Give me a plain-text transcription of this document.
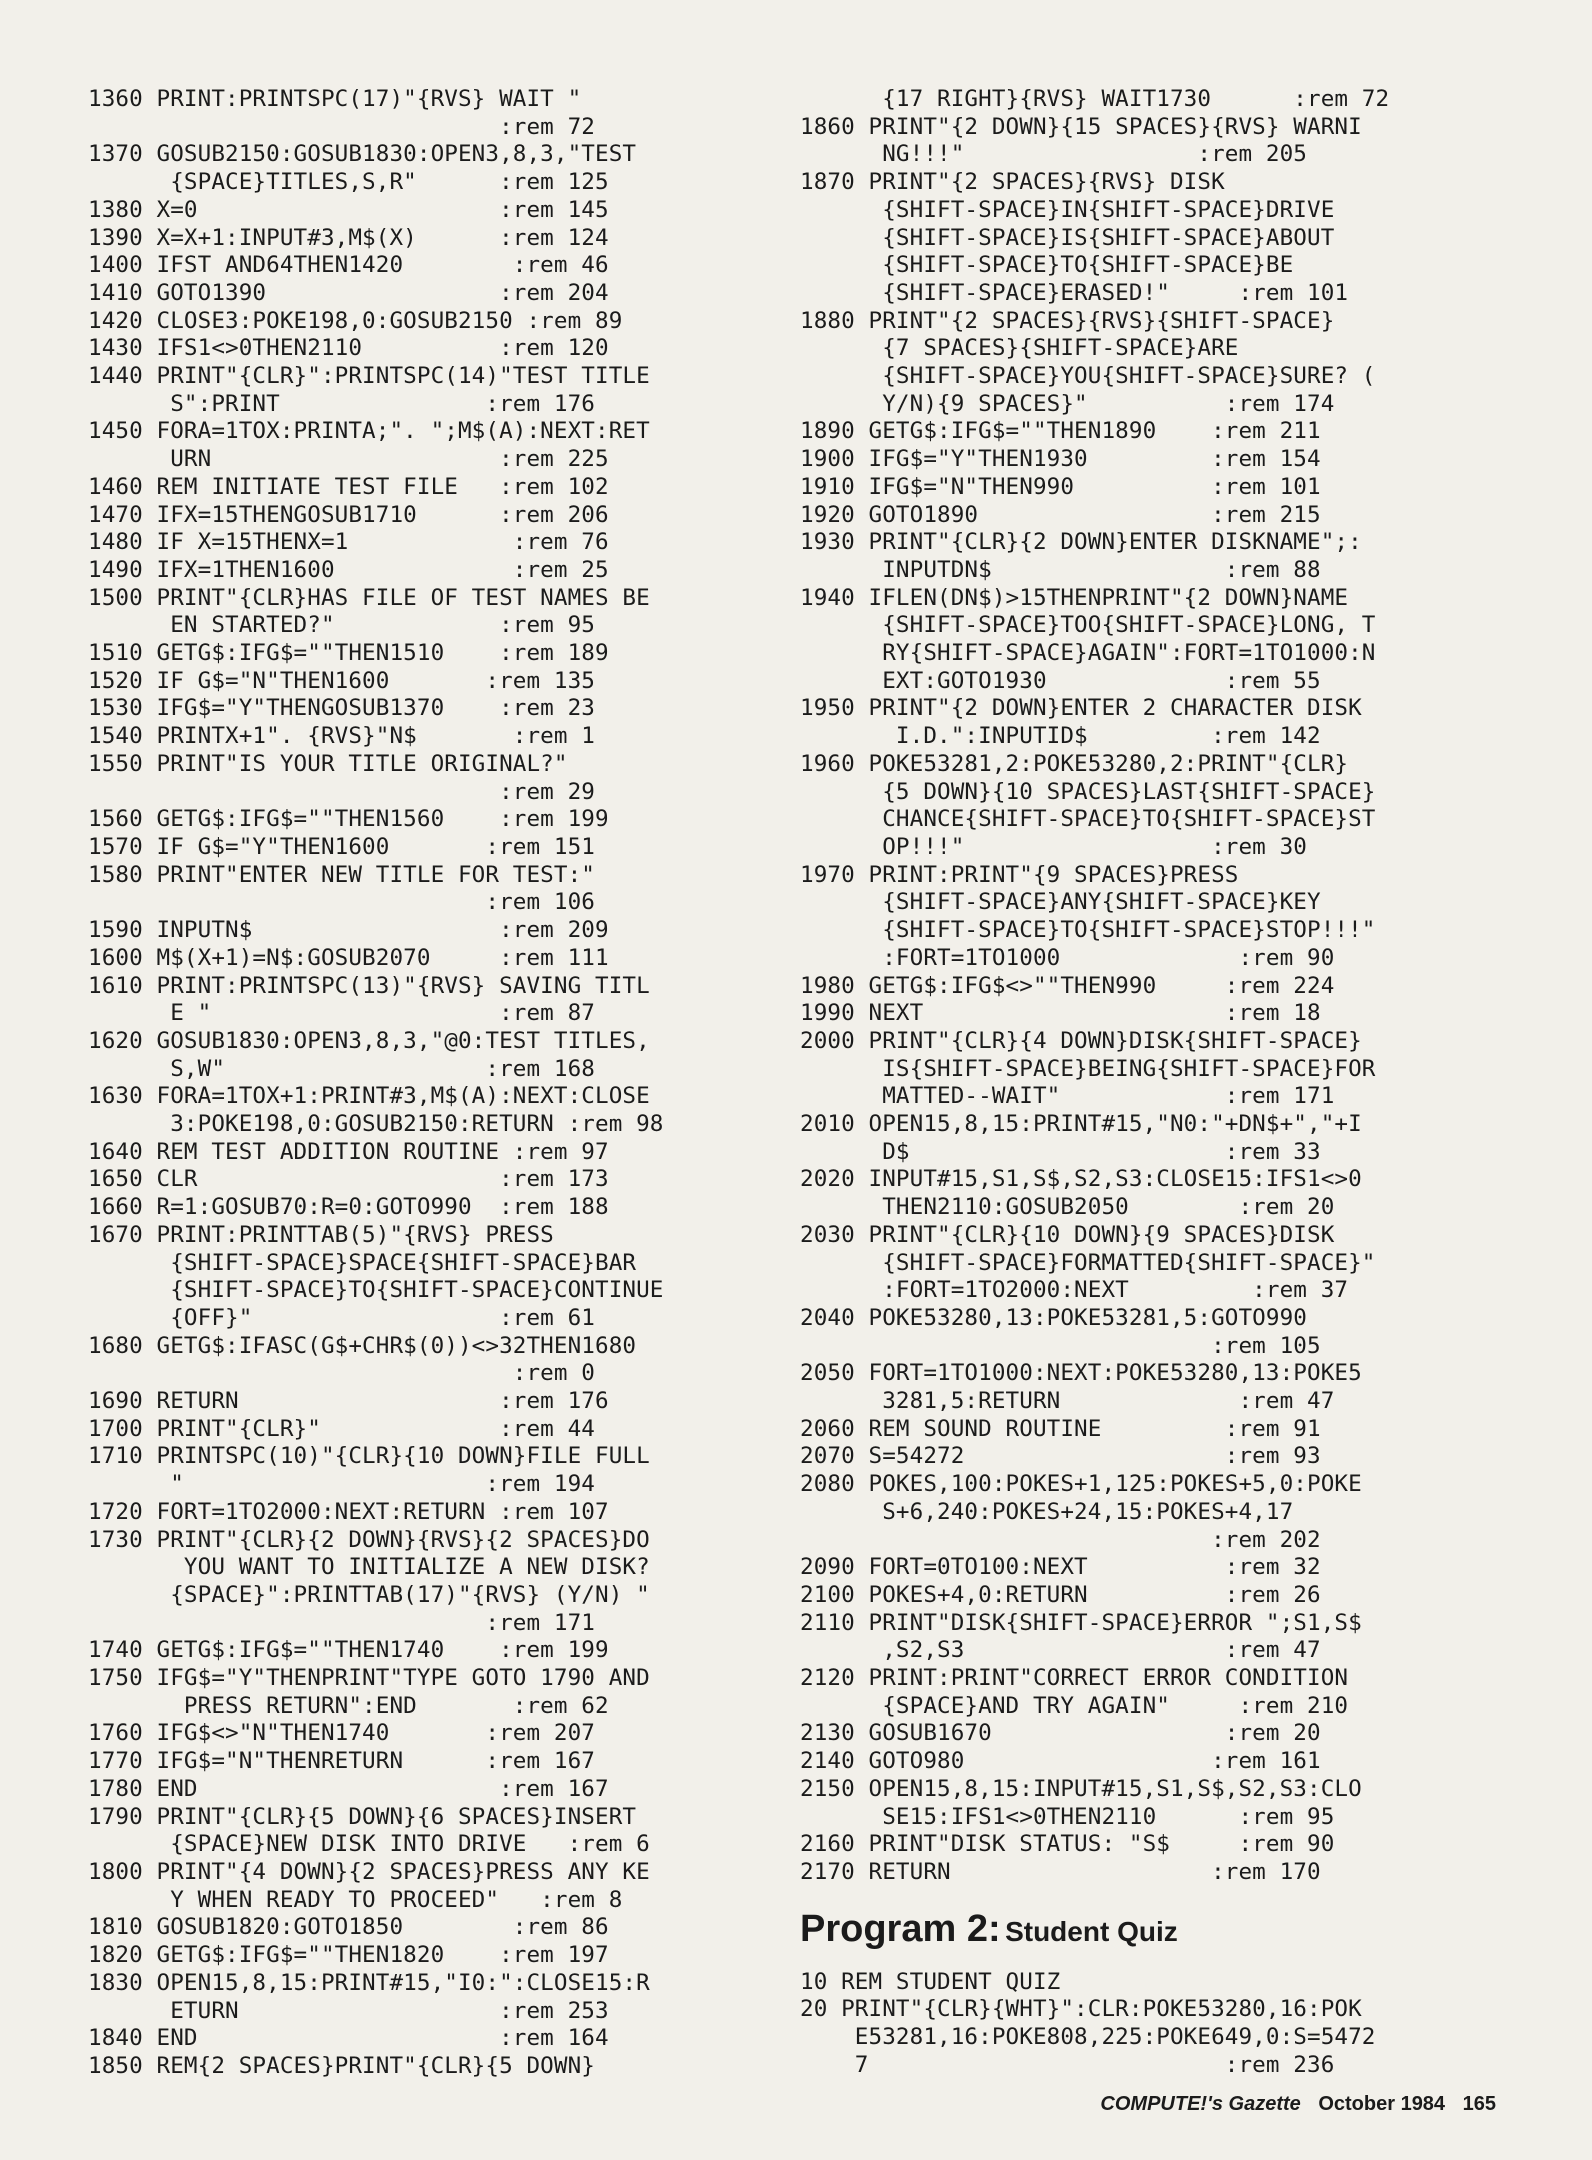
1360 PRINT:PRINTSPC(17)"{RVS} WAIT "
:rem 72
1370 GOSUB2150:GOSUB1830:OPEN3,8,3,"TEST
{SPACE}TITLES,S,R"      :rem 125
1380 X=0                      :rem 145
1390 X=X+1:INPUT#3,M$(X)      :rem 124
1400 IFST AND64THEN1420        :rem 46
1410 GOTO1390                 :rem 204
1420 CLOSE3:POKE198,0:GOSUB2150 :rem 89
1430 IFS1<>0THEN2110          :rem 120
1440 PRINT"{CLR}":PRINTSPC(14)"TEST TITLE
S":PRINT               :rem 176
1450 FORA=1TOX:PRINTA;". ";M$(A):NEXT:RET
URN                     :rem 225
1460 REM INITIATE TEST FILE   :rem 102
1470 IFX=15THENGOSUB1710      :rem 206
1480 IF X=15THENX=1            :rem 76
1490 IFX=1THEN1600             :rem 25
1500 PRINT"{CLR}HAS FILE OF TEST NAMES BE
EN STARTED?"            :rem 95
1510 GETG$:IFG$=""THEN1510    :rem 189
1520 IF G$="N"THEN1600       :rem 135
1530 IFG$="Y"THENGOSUB1370    :rem 23
1540 PRINTX+1". {RVS}"N$       :rem 1
1550 PRINT"IS YOUR TITLE ORIGINAL?"
:rem 29
1560 GETG$:IFG$=""THEN1560    :rem 199
1570 IF G$="Y"THEN1600       :rem 151
1580 PRINT"ENTER NEW TITLE FOR TEST:"
:rem 106
1590 INPUTN$                  :rem 209
1600 M$(X+1)=N$:GOSUB2070     :rem 111
1610 PRINT:PRINTSPC(13)"{RVS} SAVING TITL
E "                     :rem 87
1620 GOSUB1830:OPEN3,8,3,"@0:TEST TITLES,
S,W"                   :rem 168
1630 FORA=1TOX+1:PRINT#3,M$(A):NEXT:CLOSE
3:POKE198,0:GOSUB2150:RETURN :rem 98
1640 REM TEST ADDITION ROUTINE :rem 97
1650 CLR                      :rem 173
1660 R=1:GOSUB70:R=0:GOTO990  :rem 188
1670 PRINT:PRINTTAB(5)"{RVS} PRESS
{SHIFT-SPACE}SPACE{SHIFT-SPACE}BAR
{SHIFT-SPACE}TO{SHIFT-SPACE}CONTINUE
{OFF}"                  :rem 61
1680 GETG$:IFASC(G$+CHR$(0))<>32THEN1680
:rem 0
1690 RETURN                   :rem 176
1700 PRINT"{CLR}"             :rem 44
1710 PRINTSPC(10)"{CLR}{10 DOWN}FILE FULL
"                      :rem 194
1720 FORT=1TO2000:NEXT:RETURN :rem 107
1730 PRINT"{CLR}{2 DOWN}{RVS}{2 SPACES}DO
YOU WANT TO INITIALIZE A NEW DISK?
{SPACE}":PRINTTAB(17)"{RVS} (Y/N) "
:rem 171
1740 GETG$:IFG$=""THEN1740    :rem 199
1750 IFG$="Y"THENPRINT"TYPE GOTO 1790 AND
PRESS RETURN":END       :rem 62
1760 IFG$<>"N"THEN1740       :rem 207
1770 IFG$="N"THENRETURN      :rem 167
1780 END                      :rem 167
1790 PRINT"{CLR}{5 DOWN}{6 SPACES}INSERT
{SPACE}NEW DISK INTO DRIVE   :rem 6
1800 PRINT"{4 DOWN}{2 SPACES}PRESS ANY KE
Y WHEN READY TO PROCEED"   :rem 8
1810 GOSUB1820:GOTO1850        :rem 86
1820 GETG$:IFG$=""THEN1820    :rem 197
1830 OPEN15,8,15:PRINT#15,"I0:":CLOSE15:R
ETURN                   :rem 253
1840 END                      :rem 164
1850 REM{2 SPACES}PRINT"{CLR}{5 DOWN}
{17 RIGHT}{RVS} WAIT1730      :rem 72
1860 PRINT"{2 DOWN}{15 SPACES}{RVS} WARNI
NG!!!"                 :rem 205
1870 PRINT"{2 SPACES}{RVS} DISK
{SHIFT-SPACE}IN{SHIFT-SPACE}DRIVE
{SHIFT-SPACE}IS{SHIFT-SPACE}ABOUT
{SHIFT-SPACE}TO{SHIFT-SPACE}BE
{SHIFT-SPACE}ERASED!"     :rem 101
1880 PRINT"{2 SPACES}{RVS}{SHIFT-SPACE}
{7 SPACES}{SHIFT-SPACE}ARE
{SHIFT-SPACE}YOU{SHIFT-SPACE}SURE? (
Y/N){9 SPACES}"          :rem 174
1890 GETG$:IFG$=""THEN1890    :rem 211
1900 IFG$="Y"THEN1930         :rem 154
1910 IFG$="N"THEN990          :rem 101
1920 GOTO1890                 :rem 215
1930 PRINT"{CLR}{2 DOWN}ENTER DISKNAME";:
INPUTDN$                 :rem 88
1940 IFLEN(DN$)>15THENPRINT"{2 DOWN}NAME
{SHIFT-SPACE}TOO{SHIFT-SPACE}LONG, T
RY{SHIFT-SPACE}AGAIN":FORT=1TO1000:N
EXT:GOTO1930             :rem 55
1950 PRINT"{2 DOWN}ENTER 2 CHARACTER DISK
I.D.":INPUTID$         :rem 142
1960 POKE53281,2:POKE53280,2:PRINT"{CLR}
{5 DOWN}{10 SPACES}LAST{SHIFT-SPACE}
CHANCE{SHIFT-SPACE}TO{SHIFT-SPACE}ST
OP!!!"                  :rem 30
1970 PRINT:PRINT"{9 SPACES}PRESS
{SHIFT-SPACE}ANY{SHIFT-SPACE}KEY
{SHIFT-SPACE}TO{SHIFT-SPACE}STOP!!!"
:FORT=1TO1000             :rem 90
1980 GETG$:IFG$<>""THEN990     :rem 224
1990 NEXT                      :rem 18
2000 PRINT"{CLR}{4 DOWN}DISK{SHIFT-SPACE}
IS{SHIFT-SPACE}BEING{SHIFT-SPACE}FOR
MATTED--WAIT"            :rem 171
2010 OPEN15,8,15:PRINT#15,"N0:"+DN$+","+I
D$                       :rem 33
2020 INPUT#15,S1,S$,S2,S3:CLOSE15:IFS1<>0
THEN2110:GOSUB2050        :rem 20
2030 PRINT"{CLR}{10 DOWN}{9 SPACES}DISK
{SHIFT-SPACE}FORMATTED{SHIFT-SPACE}"
:FORT=1TO2000:NEXT         :rem 37
2040 POKE53280,13:POKE53281,5:GOTO990
:rem 105
2050 FORT=1TO1000:NEXT:POKE53280,13:POKE5
3281,5:RETURN             :rem 47
2060 REM SOUND ROUTINE         :rem 91
2070 S=54272                   :rem 93
2080 POKES,100:POKES+1,125:POKES+5,0:POKE
S+6,240:POKES+24,15:POKES+4,17
:rem 202
2090 FORT=0TO100:NEXT          :rem 32
2100 POKES+4,0:RETURN          :rem 26
2110 PRINT"DISK{SHIFT-SPACE}ERROR ";S1,S$
,S2,S3                   :rem 47
2120 PRINT:PRINT"CORRECT ERROR CONDITION
{SPACE}AND TRY AGAIN"     :rem 210
2130 GOSUB1670                 :rem 20
2140 GOTO980                  :rem 161
2150 OPEN15,8,15:INPUT#15,S1,S$,S2,S3:CLO
SE15:IFS1<>0THEN2110      :rem 95
2160 PRINT"DISK STATUS: "S$     :rem 90
2170 RETURN                   :rem 170
Program 2: Student Quiz
10 REM STUDENT QUIZ
20 PRINT"{CLR}{WHT}":CLR:POKE53280,16:POK
E53281,16:POKE808,225:POKE649,0:S=5472
7                          :rem 236
COMPUTE!'s Gazette October 1984 165
